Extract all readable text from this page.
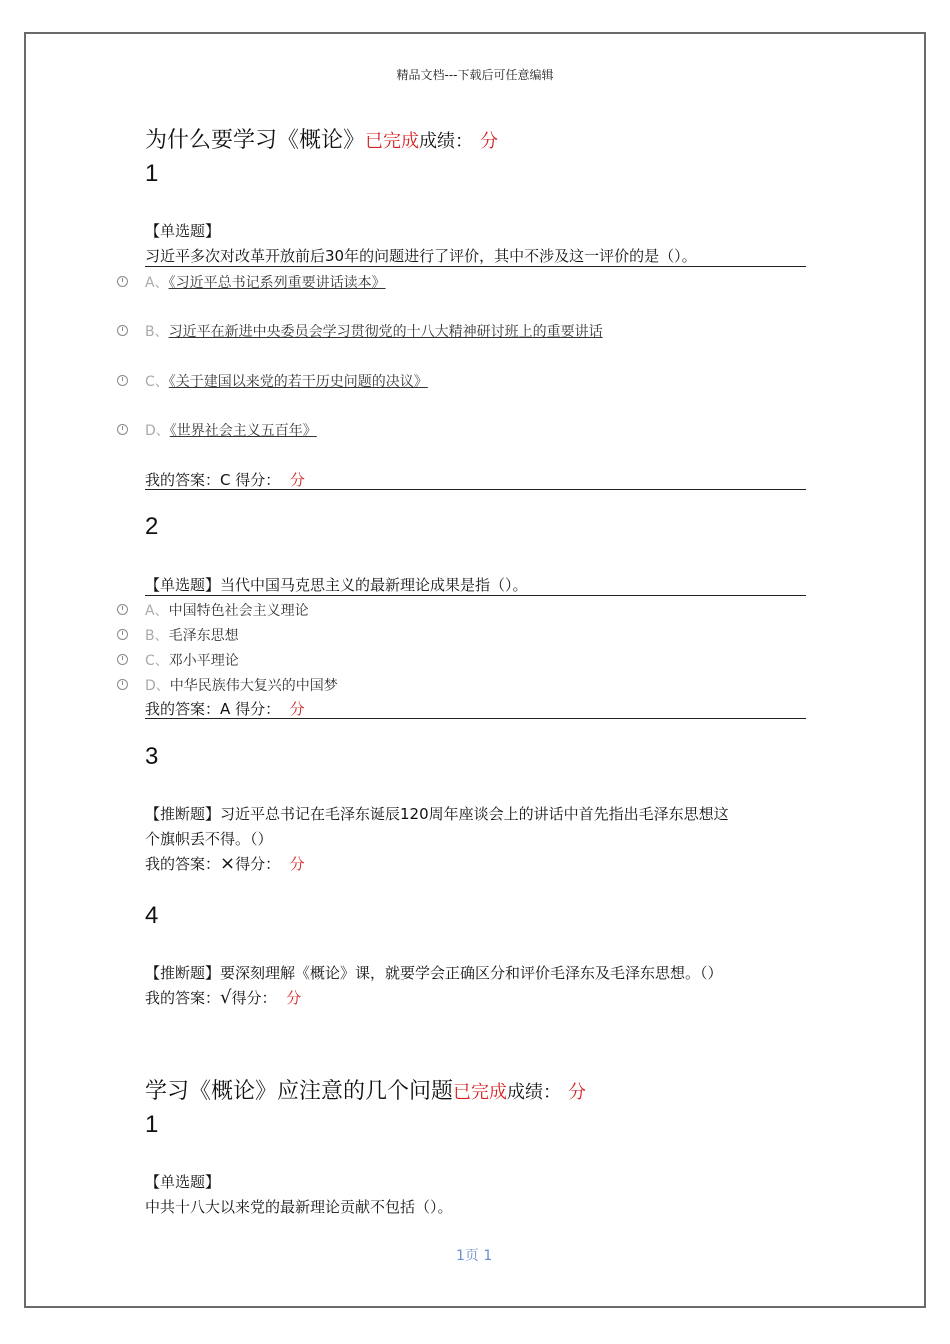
精品文档---下载后可任意编辑
为什么要学习《概论》已完成成绩： 分
1
【单选题】
习近平多次对改革开放前后30年的问题进行了评价，其中不涉及这一评价的是（）。
A、《习近平总书记系列重要讲话读本》
B、习近平在新进中央委员会学习贯彻党的十八大精神研讨班上的重要讲话
C、《关于建国以来党的若干历史问题的决议》
D、《世界社会主义五百年》
我的答案：C 得分： 分
2
【单选题】当代中国马克思主义的最新理论成果是指（）。
A、中国特色社会主义理论
B、毛泽东思想
C、邓小平理论
D、中华民族伟大复兴的中国梦
我的答案：A 得分： 分
3
【推断题】习近平总书记在毛泽东诞辰120周年座谈会上的讲话中首先指出毛泽东思想这
个旗帜丢不得。（）
我的答案：×得分： 分
4
【推断题】要深刻理解《概论》课，就要学会正确区分和评价毛泽东及毛泽东思想。（）
我的答案：√得分： 分
学习《概论》应注意的几个问题已完成成绩： 分
1
【单选题】
中共十八大以来党的最新理论贡献不包括（）。
1页 1
